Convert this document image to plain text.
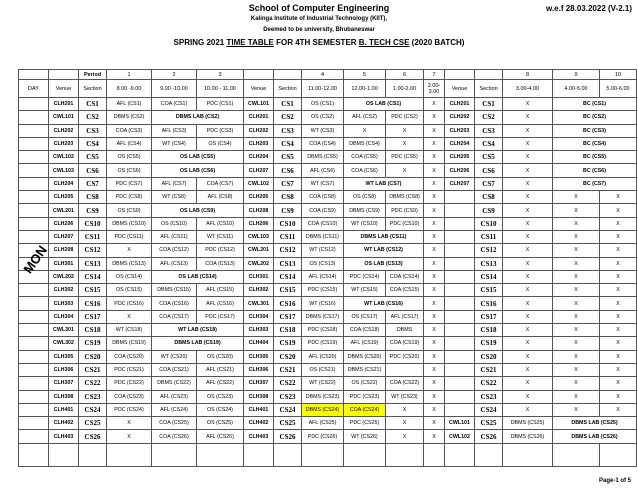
School of Computer Engineering
Kalinga Institute of Industrial Technology (KIIT),
Deemed to be university, Bhubaneswar
SPRING 2021 TIME TABLE FOR 4TH SEMESTER B. TECH CSE (2020 BATCH)
w.e.f 28.03.2022 (V-2.1)
		Period	1	2	3			4	5	6	7			8	9	10
DAY	Venue	Section	8.00 -9.00	9.00 -10.00	10.00 - 11.00	Venue	Section	11.00-12.00	12.00-1.00	1.00-2.00	2.00-
3.00	Venue	Section	3.00-4.00	4.00-5.00	5.00-6.00
	CLH201	CS1	AFL (CS1)	COA (CS1)	PDC (CS1)	CWL101	CS1	OS (CS1)	OS LAB (CS1)		X	CLH201	CS1	X	BC (CS1)	
	CWL101	CS2	DBMS (CS2)	DBMS LAB (CS2)		CLH201	CS2	OS (CS2)	AFL (CS2)	PDC (CS2)	X	CLH202	CS2	X	BC (CS2)	
	CLH202	CS3	COA (CS3)	AFL (CS3)	PDC (CS3)	CLH202	CS3	WT (CS3)	X	X	X	CLH203	CS3	X	BC (CS3)	
	CLH203	CS4	AFL (CS4)	WT (CS4)	OS (CS4)	CLH203	CS4	COA (CS4)	DBMS (CS4)	X	X	CLH204	CS4	X	BC (CS4)	
	CWL102	CS5	OS (CS5)	OS LAB (CS5)		CLH204	CS5	DBMS (CS5)	COA (CS5)	PDC (CS5)	X	CLH205	CS5	X	BC (CS5)	
	CWL103	CS6	OS (CS6)	OS LAB (CS6)		CLH207	CS6	AFL (CS6)	COA (CS6)	X	X	CLH206	CS6	X	BC (CS6)	
	CLH204	CS7	PDC (CS7)	AFL (CS7)	COA (CS7)	CWL102	CS7	WT (CS7)	WT LAB (CS7)		X	CLH207	CS7	X	BC (CS7)	
	CLH205	CS8	PDC (CS8)	WT (CS8)	AFL (CS8)	CLH205	CS8	COA (CS8)	OS (CS8)	DBMS (CS8)	X		CS8	X	X	X
	CWL201	CS9	OS (CS9)	OS LAB (CS9)		CLH208	CS9	COA (CS9)	DBMS (CS9)	PDC (CS9)	X		CS9	X	X	X
	CLH206	CS10	DBMS (CS10)	OS (CS10)	AFL (CS10)	CLH206	CS10	COA (CS10)	WT (CS10)	PDC (CS10)	X		CS10	X	X	X
	CLH207	CS11	PDC (CS11)	AFL (CS11)	WT (CS11)	CWL103	CS11	DBMS (CS11)	DBMS LAB (CS11)		X		CS11	X	X	X
	CLH208	CS12	X	COA (CS12)	PDC (CS12)	CWL201	CS12	WT (CS12)	WT LAB (CS12)		X		CS12	X	X	X
	CLH301	CS13	DBMS (CS13)	AFL (CS13)	COA (CS13)	CWL202	CS13	OS (CS13)	OS LAB (CS13)		X		CS13	X	X	X
	CWL202	CS14	OS (CS14)	OS LAB (CS14)		CLH301	CS14	AFL (CS14)	PDC (CS14)	COA (CS14)	X		CS14	X	X	X
	CLH302	CS15	OS (CS15)	DBMS (CS15)	AFL (CS15)	CLH302	CS15	PDC (CS15)	WT (CS15)	COA (CS15)	X		CS15	X	X	X
	CLH303	CS16	PDC (CS16)	COA (CS16)	AFL (CS16)	CWL301	CS16	WT (CS16)	WT LAB (CS16)		X		CS16	X	X	X
	CLH304	CS17	X	COA (CS17)	PDC (CS17)	CLH304	CS17	DBMS (CS17)	OS (CS17)	AFL (CS17)	X		CS17	X	X	X
	CWL301	CS18	WT (CS18)	WT LAB (CS18)		CLH303	CS18	PDC (CS18)	COA (CS18)	DBMS	X		CS18	X	X	X
	CWL302	CS19	DBMS (CS19)	DBMS LAB (CS19)		CLH404	CS19	PDC (CS19)	AFL (CS19)	COA (CS19)	X		CS19	X	X	X
	CLH305	CS20	COA (CS20)	WT (CS20)	OS (CS20)	CLH305	CS20	AFL (CS20)	DBMS (CS20)	PDC (CS20)	X		CS20	X	X	X
	CLH306	CS21	PDC (CS21)	COA (CS21)	AFL (CS21)	CLH306	CS21	OS (CS21)	DBMS (CS21)		X		CS21	X	X	X
	CLH307	CS22	PDC (CS22)	DBMS (CS22)	AFL (CS22)	CLH307	CS22	WT (CS22)	OS (CS22)	COA (CS22)	X		CS22	X	X	X
	CLH308	CS23	COA (CS23)	AFL (CS23)	OS (CS23)	CLH308	CS23	DBMS (CS23)	PDC (CS23)	WT (CS23)	X		CS23	X	X	X
	CLH401	CS24	PDC (CS24)	AFL (CS24)	OS (CS24)	CLH401	CS24	DBMS (CS24)	COA (CS24)	X	X		CS24	X	X	X
	CLH402	CS25	X	COA (CS25)	OS (CS25)	CLH402	CS25	AFL (CS25)	PDC (CS25)	X	X	CWL101	CS25	DBMS (CS25)	DBMS LAB (CS25)	
	CLH403	CS26	X	COA (CS26)	AFL (CS26)	CLH403	CS26	PDC (CS26)	WT (CS26)	X	X	CWL102	CS26	DBMS (CS26)	DBMS LAB (CS26)	

MON
Page-1 of 5
